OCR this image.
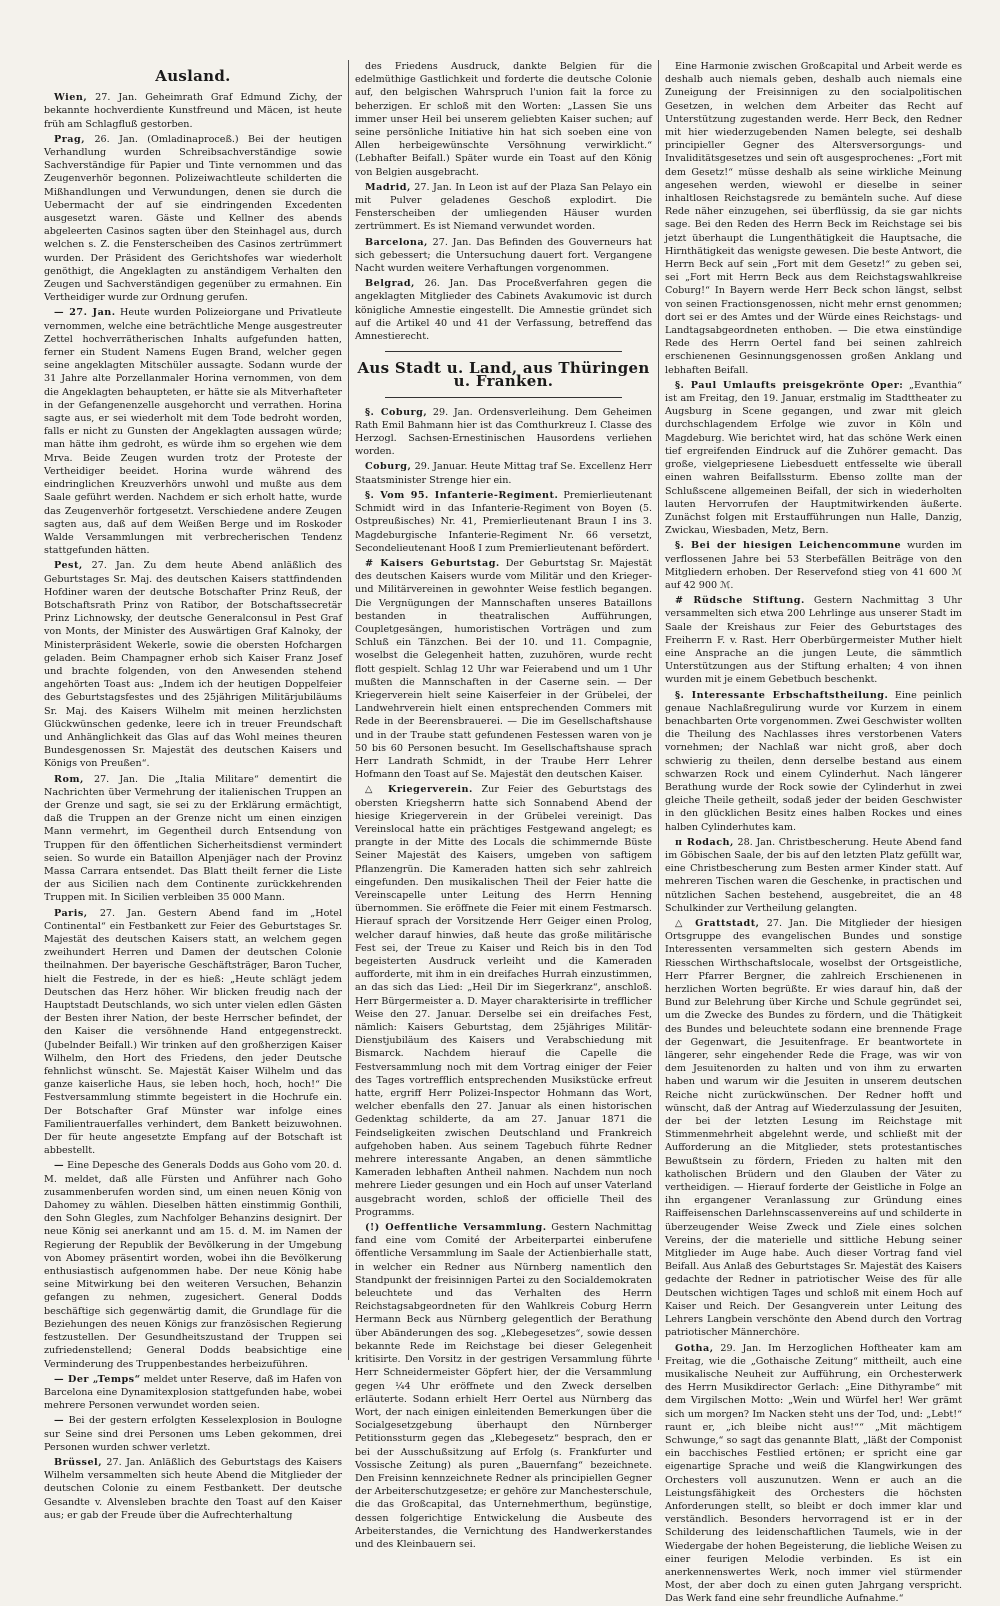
Ausland.

Wien, 27. Jan. Geheimrath Graf Edmund Zichy, der bekannte hochverdiente Kunstfreund und Mäcen, ist heute früh am Schlagfluß gestorben.

Prag, 26. Jan. (Omladinaproceß.) Bei der heutigen Verhandlung wurden Schreibsachverständige sowie Sachverständige für Papier und Tinte vernommen und das Zeugenverhör begonnen. Polizeiwachtleute schilderten die Mißhandlungen und Verwundungen, denen sie durch die Uebermacht der auf sie eindringenden Excedenten ausgesetzt waren. Gäste und Kellner des abends abgeleerten Casinos sagten über den Steinhagel aus, durch welchen s. Z. die Fensterscheiben des Casinos zertrümmert wurden. Der Präsident des Gerichtshofes war wiederholt genöthigt, die Angeklagten zu anständigem Verhalten den Zeugen und Sachverständigen gegenüber zu ermahnen. Ein Vertheidiger wurde zur Ordnung gerufen.

— 27. Jan. Heute wurden Polizeiorgane und Privatleute vernommen, welche eine beträchtliche Menge ausgestreuter Zettel hochverrätherischen Inhalts aufgefunden hatten, ferner ein Student Namens Eugen Brand, welcher gegen seine angeklagten Mitschüler aussagte. Sodann wurde der 31 Jahre alte Porzellanmaler Horina vernommen, von dem die Angeklagten behaupteten, er hätte sie als Mitverhafteter in der Gefangenenzelle ausgehorcht und verrathen. Horina sagte aus, er sei wiederholt mit dem Tode bedroht worden, falls er nicht zu Gunsten der Angeklagten aussagen würde; man hätte ihm gedroht, es würde ihm so ergehen wie dem Mrva. Beide Zeugen wurden trotz der Proteste der Vertheidiger beeidet. Horina wurde während des eindringlichen Kreuzverhörs unwohl und mußte aus dem Saale geführt werden. Nachdem er sich erholt hatte, wurde das Zeugenverhör fortgesetzt. Verschiedene andere Zeugen sagten aus, daß auf dem Weißen Berge und im Roskoder Walde Versammlungen mit verbrecherischen Tendenz stattgefunden hätten.

Pest, 27. Jan. Zu dem heute Abend anläßlich des Geburtstages Sr. Maj. des deutschen Kaisers stattfindenden Hofdiner waren der deutsche Botschafter Prinz Reuß, der Botschaftsrath Prinz von Ratibor, der Botschaftssecretär Prinz Lichnowsky, der deutsche Generalconsul in Pest Graf von Monts, der Minister des Auswärtigen Graf Kalnoky, der Ministerpräsident Wekerle, sowie die obersten Hofchargen geladen. Beim Champagner erhob sich Kaiser Franz Josef und brachte folgenden, von den Anwesenden stehend angehörten Toast aus: „Indem ich der heutigen Doppelfeier des Geburtstagsfestes und des 25jährigen Militärjubiläums Sr. Maj. des Kaisers Wilhelm mit meinen herzlichsten Glückwünschen gedenke, leere ich in treuer Freundschaft und Anhänglichkeit das Glas auf das Wohl meines theuren Bundesgenossen Sr. Majestät des deutschen Kaisers und Königs von Preußen“.

Rom, 27. Jan. Die „Italia Militare“ dementirt die Nachrichten über Vermehrung der italienischen Truppen an der Grenze und sagt, sie sei zu der Erklärung ermächtigt, daß die Truppen an der Grenze nicht um einen einzigen Mann vermehrt, im Gegentheil durch Entsendung von Truppen für den öffentlichen Sicherheitsdienst vermindert seien. So wurde ein Bataillon Alpenjäger nach der Provinz Massa Carrara entsendet. Das Blatt theilt ferner die Liste der aus Sicilien nach dem Continente zurückkehrenden Truppen mit. In Sicilien verbleiben 35 000 Mann.

Paris, 27. Jan. Gestern Abend fand im „Hotel Continental“ ein Festbankett zur Feier des Geburtstages Sr. Majestät des deutschen Kaisers statt, an welchem gegen zweihundert Herren und Damen der deutschen Colonie theilnahmen. Der bayerische Geschäftsträger, Baron Tucher, hielt die Festrede, in der es hieß: „Heute schlägt jedem Deutschen das Herz höher. Wir blicken freudig nach der Hauptstadt Deutschlands, wo sich unter vielen edlen Gästen der Besten ihrer Nation, der beste Herrscher befindet, der den Kaiser die versöhnende Hand entgegenstreckt. (Jubelnder Beifall.) Wir trinken auf den großherzigen Kaiser Wilhelm, den Hort des Friedens, den jeder Deutsche fehnlichst wünscht. Se. Majestät Kaiser Wilhelm und das ganze kaiserliche Haus, sie leben hoch, hoch, hoch!“ Die Festversammlung stimmte begeistert in die Hochrufe ein. Der Botschafter Graf Münster war infolge eines Familientrauerfalles verhindert, dem Bankett beizuwohnen. Der für heute angesetzte Empfang auf der Botschaft ist abbestellt.

— Eine Depesche des Generals Dodds aus Goho vom 20. d. M. meldet, daß alle Fürsten und Anführer nach Goho zusammenberufen worden sind, um einen neuen König von Dahomey zu wählen. Dieselben hätten einstimmig Gonthili, den Sohn Glegles, zum Nachfolger Behanzins designirt. Der neue König sei anerkannt und am 15. d. M. im Namen der Regierung der Republik der Bevölkerung in der Umgebung von Abomey präsentirt worden, wobei ihn die Bevölkerung enthusiastisch aufgenommen habe. Der neue König habe seine Mitwirkung bei den weiteren Versuchen, Behanzin gefangen zu nehmen, zugesichert. General Dodds beschäftige sich gegenwärtig damit, die Grundlage für die Beziehungen des neuen Königs zur französischen Regierung festzustellen. Der Gesundheitszustand der Truppen sei zufriedenstellend; General Dodds beabsichtige eine Verminderung des Truppenbestandes herbeizuführen.

— Der „Temps“ meldet unter Reserve, daß im Hafen von Barcelona eine Dynamitexplosion stattgefunden habe, wobei mehrere Personen verwundet worden seien.

— Bei der gestern erfolgten Kesselexplosion in Boulogne sur Seine sind drei Personen ums Leben gekommen, drei Personen wurden schwer verletzt.

Brüssel, 27. Jan. Anläßlich des Geburtstags des Kaisers Wilhelm versammelten sich heute Abend die Mitglieder der deutschen Colonie zu einem Festbankett. Der deutsche Gesandte v. Alvensleben brachte den Toast auf den Kaiser aus; er gab der Freude über die Aufrechterhaltung

des Friedens Ausdruck, dankte Belgien für die edelmüthige Gastlichkeit und forderte die deutsche Colonie auf, den belgischen Wahrspruch l'union fait la force zu beherzigen. Er schloß mit den Worten: „Lassen Sie uns immer unser Heil bei unserem geliebten Kaiser suchen; auf seine persönliche Initiative hin hat sich soeben eine von Allen herbeigewünschte Versöhnung verwirklicht.“ (Lebhafter Beifall.) Später wurde ein Toast auf den König von Belgien ausgebracht.

Madrid, 27. Jan. In Leon ist auf der Plaza San Pelayo ein mit Pulver geladenes Geschoß explodirt. Die Fensterscheiben der umliegenden Häuser wurden zertrümmert. Es ist Niemand verwundet worden.

Barcelona, 27. Jan. Das Befinden des Gouverneurs hat sich gebessert; die Untersuchung dauert fort. Vergangene Nacht wurden weitere Verhaftungen vorgenommen.

Belgrad, 26. Jan. Das Proceßverfahren gegen die angeklagten Mitglieder des Cabinets Avakumovic ist durch königliche Amnestie eingestellt. Die Amnestie gründet sich auf die Artikel 40 und 41 der Verfassung, betreffend das Amnestierecht.

Aus Stadt u. Land, aus Thüringen u. Franken.

§. Coburg, 29. Jan. Ordensverleihung. Dem Geheimen Rath Emil Bahmann hier ist das Comthurkreuz I. Classe des Herzogl. Sachsen-Ernestinischen Hausordens verliehen worden.

Coburg, 29. Januar. Heute Mittag traf Se. Excellenz Herr Staatsminister Strenge hier ein.

§. Vom 95. Infanterie-Regiment. Premierlieutenant Schmidt wird in das Infanterie-Regiment von Boyen (5. Ostpreußisches) Nr. 41, Premierlieutenant Braun I ins 3. Magdeburgische Infanterie-Regiment Nr. 66 versetzt, Secondelieutenant Hooß I zum Premierlieutenant befördert.

# Kaisers Geburtstag. Der Geburtstag Sr. Majestät des deutschen Kaisers wurde vom Militär und den Krieger- und Militärvereinen in gewohnter Weise festlich begangen. Die Vergnügungen der Mannschaften unseres Bataillons bestanden in theatralischen Aufführungen, Coupletgesängen, humoristischen Vorträgen und zum Schluß ein Tänzchen. Bei der 10. und 11. Compagnie, woselbst die Gelegenheit hatten, zuzuhören, wurde recht flott gespielt. Schlag 12 Uhr war Feierabend und um 1 Uhr mußten die Mannschaften in der Caserne sein. — Der Kriegerverein hielt seine Kaiserfeier in der Grübelei, der Landwehrverein hielt einen entsprechenden Commers mit Rede in der Beerensbrauerei. — Die im Gesellschaftshause und in der Traube statt gefundenen Festessen waren von je 50 bis 60 Personen besucht. Im Gesellschaftshause sprach Herr Landrath Schmidt, in der Traube Herr Lehrer Hofmann den Toast auf Se. Majestät den deutschen Kaiser.

△ Kriegerverein. Zur Feier des Geburtstags des obersten Kriegsherrn hatte sich Sonnabend Abend der hiesige Kriegerverein in der Grübelei vereinigt. Das Vereinslocal hatte ein prächtiges Festgewand angelegt; es prangte in der Mitte des Locals die schimmernde Büste Seiner Majestät des Kaisers, umgeben von saftigem Pflanzengrün. Die Kameraden hatten sich sehr zahlreich eingefunden. Den musikalischen Theil der Feier hatte die Vereinscapelle unter Leitung des Herrn Henning übernommen. Sie eröffnete die Feier mit einem Festmarsch. Hierauf sprach der Vorsitzende Herr Geiger einen Prolog, welcher darauf hinwies, daß heute das große militärische Fest sei, der Treue zu Kaiser und Reich bis in den Tod begeisterten Ausdruck verleiht und die Kameraden aufforderte, mit ihm in ein dreifaches Hurrah einzustimmen, an das sich das Lied: „Heil Dir im Siegerkranz“, anschloß. Herr Bürgermeister a. D. Mayer charakterisirte in trefflicher Weise den 27. Januar. Derselbe sei ein dreifaches Fest, nämlich: Kaisers Geburtstag, dem 25jähriges Militär-Dienstjubiläum des Kaisers und Verabschiedung mit Bismarck. Nachdem hierauf die Capelle die Festversammlung noch mit dem Vortrag einiger der Feier des Tages vortrefflich entsprechenden Musikstücke erfreut hatte, ergriff Herr Polizei-Inspector Hohmann das Wort, welcher ebenfalls den 27. Januar als einen historischen Gedenktag schilderte, da am 27. Januar 1871 die Feindseligkeiten zwischen Deutschland und Frankreich aufgehoben haben. Aus seinem Tagebuch führte Redner mehrere interessante Angaben, an denen sämmtliche Kameraden lebhaften Antheil nahmen. Nachdem nun noch mehrere Lieder gesungen und ein Hoch auf unser Vaterland ausgebracht worden, schloß der officielle Theil des Programms.

(!) Oeffentliche Versammlung. Gestern Nachmittag fand eine vom Comité der Arbeiterpartei einberufene öffentliche Versammlung im Saale der Actienbierhalle statt, in welcher ein Redner aus Nürnberg namentlich den Standpunkt der freisinnigen Partei zu den Socialdemokraten beleuchtete und das Verhalten des Herrn Reichstagsabgeordneten für den Wahlkreis Coburg Herrn Hermann Beck aus Nürnberg gelegentlich der Berathung über Abänderungen des sog. „Klebegesetzes“, sowie dessen bekannte Rede im Reichstage bei dieser Gelegenheit kritisirte. Den Vorsitz in der gestrigen Versammlung führte Herr Schneidermeister Göpfert hier, der die Versammlung gegen ¼4 Uhr eröffnete und den Zweck derselben erläuterte. Sodann erhielt Herr Oertel aus Nürnberg das Wort, der nach einigen einleitenden Bemerkungen über die Socialgesetzgebung überhaupt den Nürnberger Petitionssturm gegen das „Klebegesetz“ besprach, den er bei der Ausschußsitzung auf Erfolg (s. Frankfurter und Vossische Zeitung) als puren „Bauernfang“ bezeichnete. Den Freisinn kennzeichnete Redner als principiellen Gegner der Arbeiterschutzgesetze; er gehöre zur Manchesterschule, die das Großcapital, das Unternehmerthum, begünstige, dessen folgerichtige Entwickelung die Ausbeute des Arbeiterstandes, die Vernichtung des Handwerkerstandes und des Kleinbauern sei.

Eine Harmonie zwischen Großcapital und Arbeit werde es deshalb auch niemals geben, deshalb auch niemals eine Zuneigung der Freisinnigen zu den socialpolitischen Gesetzen, in welchen dem Arbeiter das Recht auf Unterstützung zugestanden werde. Herr Beck, den Redner mit hier wiederzugebenden Namen belegte, sei deshalb principieller Gegner des Altersversorgungs- und Invaliditätsgesetzes und sein oft ausgesprochenes: „Fort mit dem Gesetz!“ müsse deshalb als seine wirkliche Meinung angesehen werden, wiewohl er dieselbe in seiner inhaltlosen Reichstagsrede zu bemänteln suche. Auf diese Rede näher einzugehen, sei überflüssig, da sie gar nichts sage. Bei den Reden des Herrn Beck im Reichstage sei bis jetzt überhaupt die Lungenthätigkeit die Hauptsache, die Hirnthätigkeit das wenigste gewesen. Die beste Antwort, die Herrn Beck auf sein „Fort mit dem Gesetz!“ zu geben sei, sei „Fort mit Herrn Beck aus dem Reichstagswahlkreise Coburg!“ In Bayern werde Herr Beck schon längst, selbst von seinen Fractionsgenossen, nicht mehr ernst genommen; dort sei er des Amtes und der Würde eines Reichstags- und Landtagsabgeordneten enthoben. — Die etwa einstündige Rede des Herrn Oertel fand bei seinen zahlreich erschienenen Gesinnungsgenossen großen Anklang und lebhaften Beifall.

§. Paul Umlaufts preisgekrönte Oper: „Evanthia“ ist am Freitag, den 19. Januar, erstmalig im Stadttheater zu Augsburg in Scene gegangen, und zwar mit gleich durchschlagendem Erfolge wie zuvor in Köln und Magdeburg. Wie berichtet wird, hat das schöne Werk einen tief ergreifenden Eindruck auf die Zuhörer gemacht. Das große, vielgepriesene Liebesduett entfesselte wie überall einen wahren Beifallssturm. Ebenso zollte man der Schlußscene allgemeinen Beifall, der sich in wiederholten lauten Hervorrufen der Hauptmitwirkenden äußerte. Zunächst folgen mit Erstaufführungen nun Halle, Danzig, Zwickau, Wiesbaden, Metz, Bern.

§. Bei der hiesigen Leichencommune wurden im verflossenen Jahre bei 53 Sterbefällen Beiträge von den Mitgliedern erhoben. Der Reservefond stieg von 41 600 ℳ auf 42 900 ℳ.

# Rüdsche Stiftung. Gestern Nachmittag 3 Uhr versammelten sich etwa 200 Lehrlinge aus unserer Stadt im Saale der Kreishaus zur Feier des Geburtstages des Freiherrn F. v. Rast. Herr Oberbürgermeister Muther hielt eine Ansprache an die jungen Leute, die sämmtlich Unterstützungen aus der Stiftung erhalten; 4 von ihnen wurden mit je einem Gebetbuch beschenkt.

§. Interessante Erbschaftstheilung. Eine peinlich genaue Nachlaßregulirung wurde vor Kurzem in einem benachbarten Orte vorgenommen. Zwei Geschwister wollten die Theilung des Nachlasses ihres verstorbenen Vaters vornehmen; der Nachlaß war nicht groß, aber doch schwierig zu theilen, denn derselbe bestand aus einem schwarzen Rock und einem Cylinderhut. Nach längerer Berathung wurde der Rock sowie der Cylinderhut in zwei gleiche Theile getheilt, sodaß jeder der beiden Geschwister in den glücklichen Besitz eines halben Rockes und eines halben Cylinderhutes kam.

π Rodach, 28. Jan. Christbescherung. Heute Abend fand im Göbischen Saale, der bis auf den letzten Platz gefüllt war, eine Christbescherung zum Besten armer Kinder statt. Auf mehreren Tischen waren die Geschenke, in practischen und nützlichen Sachen bestehend, ausgebreitet, die an 48 Schulkinder zur Vertheilung gelangten.

△ Grattstadt, 27. Jan. Die Mitglieder der hiesigen Ortsgruppe des evangelischen Bundes und sonstige Interessenten versammelten sich gestern Abends im Riesschen Wirthschaftslocale, woselbst der Ortsgeistliche, Herr Pfarrer Bergner, die zahlreich Erschienenen in herzlichen Worten begrüßte. Er wies darauf hin, daß der Bund zur Belehrung über Kirche und Schule gegründet sei, um die Zwecke des Bundes zu fördern, und die Thätigkeit des Bundes und beleuchtete sodann eine brennende Frage der Gegenwart, die Jesuitenfrage. Er beantwortete in längerer, sehr eingehender Rede die Frage, was wir von dem Jesuitenorden zu halten und von ihm zu erwarten haben und warum wir die Jesuiten in unserem deutschen Reiche nicht zurückwünschen. Der Redner hofft und wünscht, daß der Antrag auf Wiederzulassung der Jesuiten, der bei der letzten Lesung im Reichstage mit Stimmenmehrheit abgelehnt werde, und schließt mit der Aufforderung an die Mitglieder, stets protestantisches Bewußtsein zu fördern, Frieden zu halten mit den katholischen Brüdern und den Glauben der Väter zu vertheidigen. — Hierauf forderte der Geistliche in Folge an ihn ergangener Veranlassung zur Gründung eines Raiffeisenschen Darlehnscassenvereins auf und schilderte in überzeugender Weise Zweck und Ziele eines solchen Vereins, der die materielle und sittliche Hebung seiner Mitglieder im Auge habe. Auch dieser Vortrag fand viel Beifall. Aus Anlaß des Geburtstages Sr. Majestät des Kaisers gedachte der Redner in patriotischer Weise des für alle Deutschen wichtigen Tages und schloß mit einem Hoch auf Kaiser und Reich. Der Gesangverein unter Leitung des Lehrers Langbein verschönte den Abend durch den Vortrag patriotischer Männerchöre.

Gotha, 29. Jan. Im Herzoglichen Hoftheater kam am Freitag, wie die „Gothaische Zeitung“ mittheilt, auch eine musikalische Neuheit zur Aufführung, ein Orchesterwerk des Herrn Musikdirector Gerlach: „Eine Dithyrambe“ mit dem Virgilschen Motto: „Wein und Würfel her! Wer grämt sich um morgen? Im Nacken steht uns der Tod, und: „Lebt!“ raunt er, „ich bleibe nicht aus!““ „Mit mächtigem Schwunge,“ so sagt das genannte Blatt, „läßt der Componist ein bacchisches Festlied ertönen; er spricht eine gar eigenartige Sprache und weiß die Klangwirkungen des Orchesters voll auszunutzen. Wenn er auch an die Leistungsfähigkeit des Orchesters die höchsten Anforderungen stellt, so bleibt er doch immer klar und verständlich. Besonders hervorragend ist er in der Schilderung des leidenschaftlichen Taumels, wie in der Wiedergabe der hohen Begeisterung, die liebliche Weisen zu einer feurigen Melodie verbinden. Es ist ein anerkennenswertes Werk, noch immer viel stürmender Most, der aber doch zu einen guten Jahrgang verspricht. Das Werk fand eine sehr freundliche Aufnahme.“
